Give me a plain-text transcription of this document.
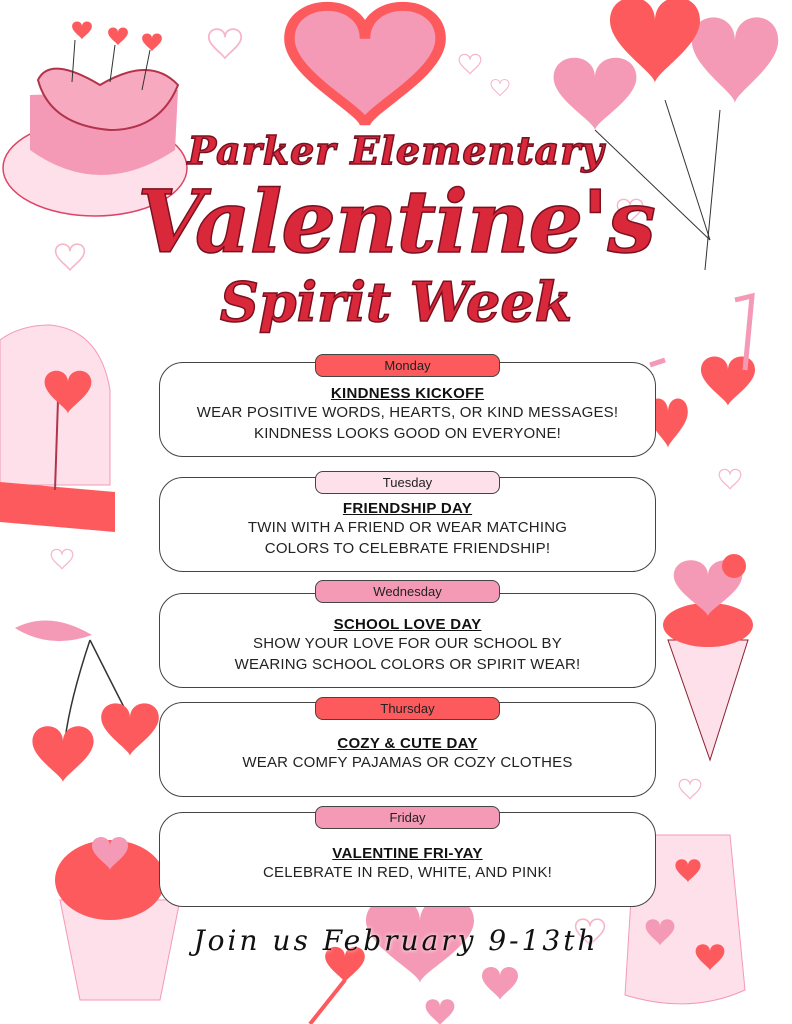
Parker Elementary
Valentine's
Spirit Week
KINDNESS KICKOFF
WEAR POSITIVE WORDS, HEARTS, OR KIND MESSAGES!
KINDNESS LOOKS GOOD ON EVERYONE!
Monday
FRIENDSHIP DAY
TWIN WITH A FRIEND OR WEAR MATCHING
COLORS TO CELEBRATE FRIENDSHIP!
Tuesday
SCHOOL LOVE DAY
SHOW YOUR LOVE FOR OUR SCHOOL BY
WEARING SCHOOL COLORS OR SPIRIT WEAR!
Wednesday
COZY & CUTE DAY
WEAR COMFY PAJAMAS OR COZY CLOTHES
Thursday
VALENTINE FRI-YAY
CELEBRATE IN RED, WHITE, AND PINK!
Friday
Join us February 9-13th
